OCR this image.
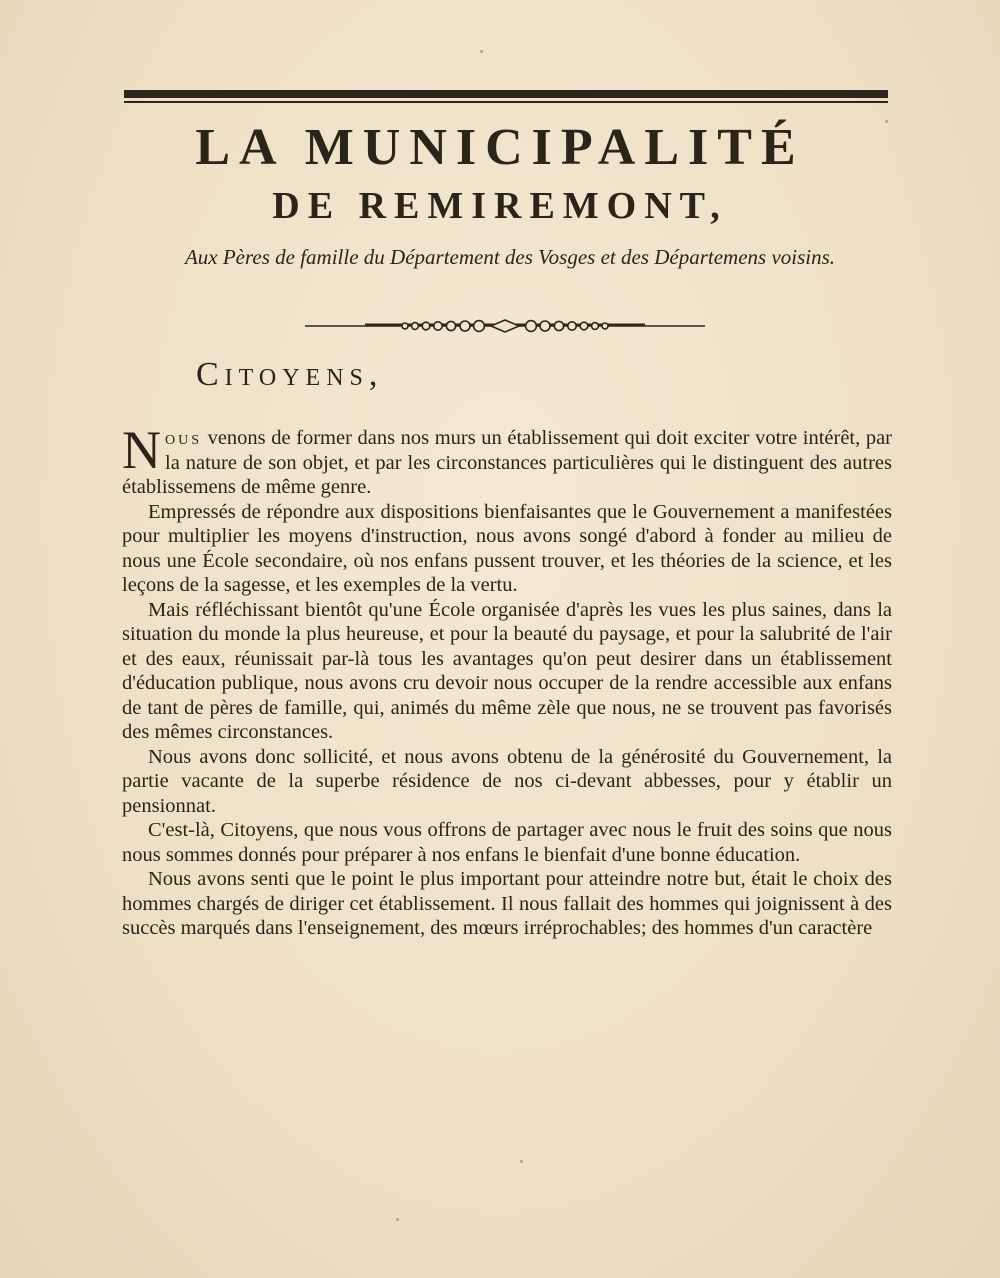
LA MUNICIPALITÉ
DE REMIREMONT,

Aux Pères de famille du Département des Vosges et des Départemens voisins.

Citoyens,

Nous venons de former dans nos murs un établissement qui doit exciter votre intérêt, par la nature de son objet, et par les circonstances particulières qui le distinguent des autres établissemens de même genre.

Empressés de répondre aux dispositions bienfaisantes que le Gouvernement a manifestées pour multiplier les moyens d'instruction, nous avons songé d'abord à fonder au milieu de nous une École secondaire, où nos enfans pussent trouver, et les théories de la science, et les leçons de la sagesse, et les exemples de la vertu.

Mais réfléchissant bientôt qu'une École organisée d'après les vues les plus saines, dans la situation du monde la plus heureuse, et pour la beauté du paysage, et pour la salubrité de l'air et des eaux, réunissait par-là tous les avantages qu'on peut desirer dans un établissement d'éducation publique, nous avons cru devoir nous occuper de la rendre accessible aux enfans de tant de pères de famille, qui, animés du même zèle que nous, ne se trouvent pas favorisés des mêmes circonstances.

Nous avons donc sollicité, et nous avons obtenu de la générosité du Gouvernement, la partie vacante de la superbe résidence de nos ci-devant abbesses, pour y établir un pensionnat.

C'est-là, Citoyens, que nous vous offrons de partager avec nous le fruit des soins que nous nous sommes donnés pour préparer à nos enfans le bienfait d'une bonne éducation.

Nous avons senti que le point le plus important pour atteindre notre but, était le choix des hommes chargés de diriger cet établissement. Il nous fallait des hommes qui joignissent à des succès marqués dans l'enseignement, des mœurs irréprochables; des hommes d'un caractère
